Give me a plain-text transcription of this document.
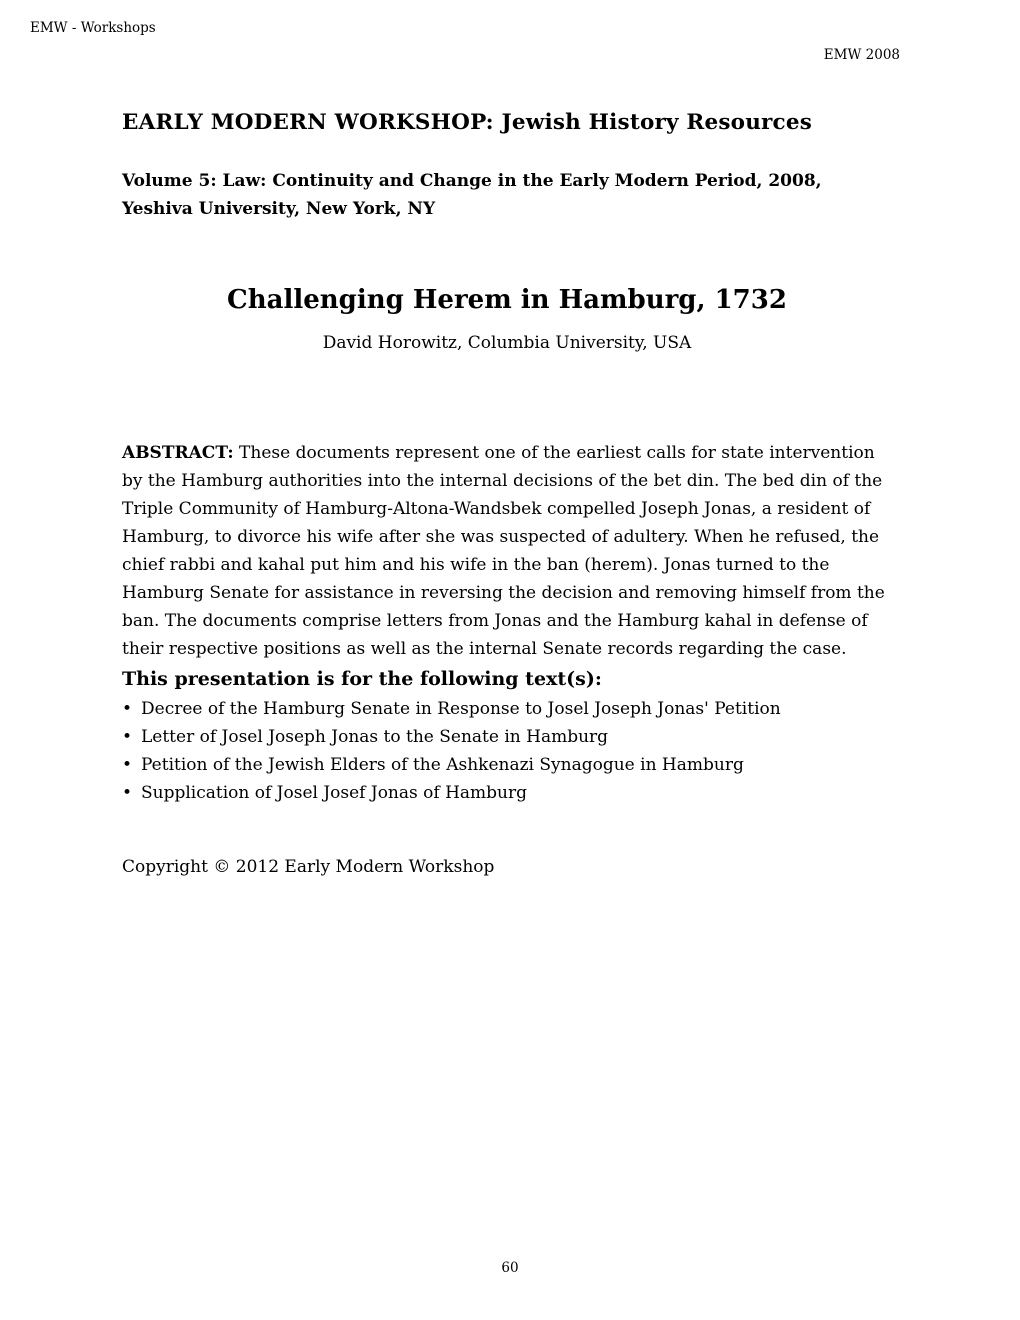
EMW - Workshops
EMW 2008
EARLY MODERN WORKSHOP: Jewish History Resources

Volume 5: Law: Continuity and Change in the Early Modern Period, 2008, Yeshiva University, New York, NY

Challenging Herem in Hamburg, 1732

David Horowitz, Columbia University, USA

ABSTRACT: These documents represent one of the earliest calls for state intervention by the Hamburg authorities into the internal decisions of the bet din. The bed din of the Triple Community of Hamburg-Altona-Wandsbek compelled Joseph Jonas, a resident of Hamburg, to divorce his wife after she was suspected of adultery. When he refused, the chief rabbi and kahal put him and his wife in the ban (herem). Jonas turned to the Hamburg Senate for assistance in reversing the decision and removing himself from the ban. The documents comprise letters from Jonas and the Hamburg kahal in defense of their respective positions as well as the internal Senate records regarding the case.

This presentation is for the following text(s):
• Decree of the Hamburg Senate in Response to Josel Joseph Jonas' Petition
• Letter of Josel Joseph Jonas to the Senate in Hamburg
• Petition of the Jewish Elders of the Ashkenazi Synagogue in Hamburg
• Supplication of Josel Josef Jonas of Hamburg

Copyright © 2012 Early Modern Workshop

60
